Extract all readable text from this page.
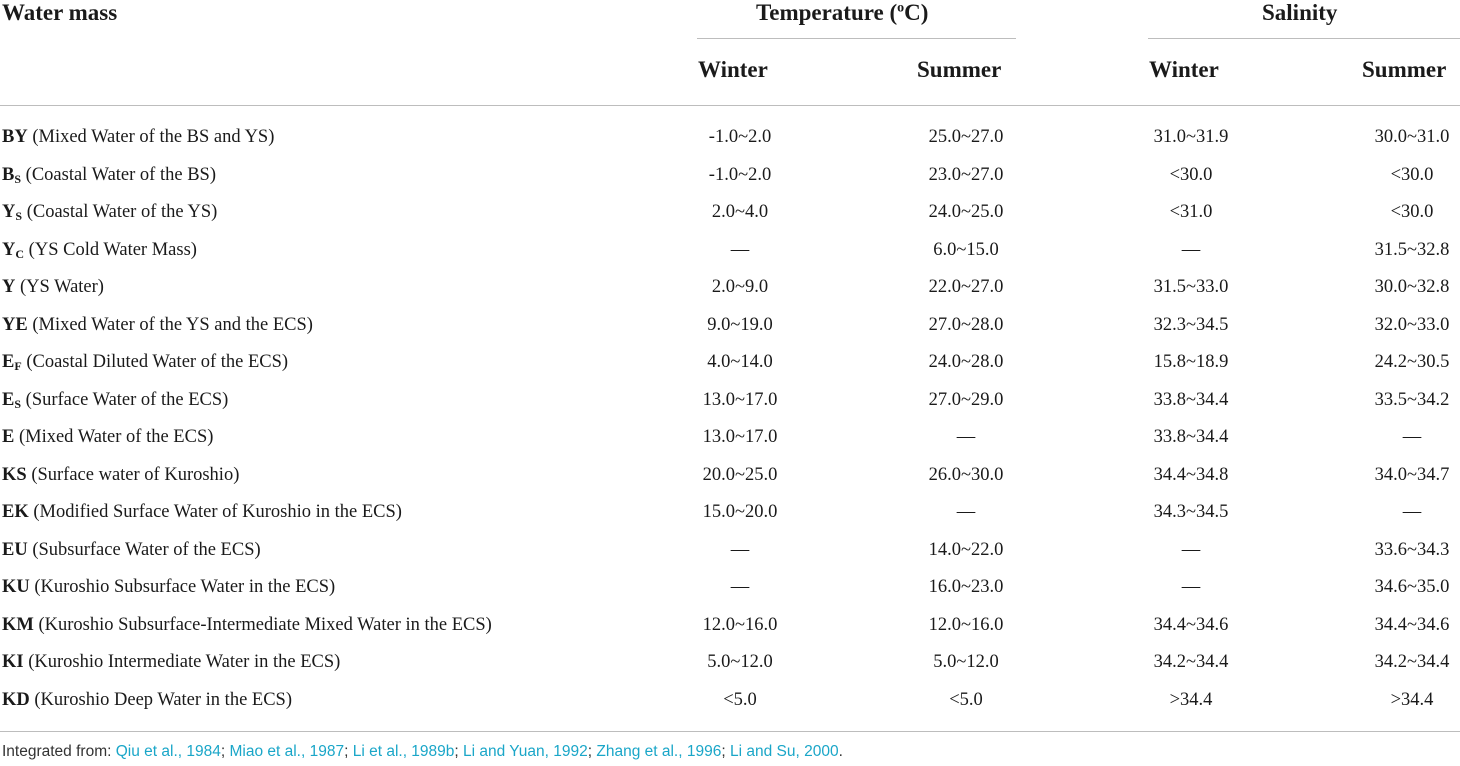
Water mass	Temperature ($^o$C)	Salinity
Winter	Summer	Winter	Summer
BY (Mixed Water of the BS and YS)	-1.0~2.0	25.0~27.0	31.0~31.9	30.0~31.0
$B_S$ (Coastal Water of the BS)	-1.0~2.0	23.0~27.0	<30.0	<30.0
$Y_S$ (Coastal Water of the YS)	2.0~4.0	24.0~25.0	<31.0	<30.0
$Y_C$ (YS Cold Water Mass)	—	6.0~15.0	—	31.5~32.8
Y (YS Water)	2.0~9.0	22.0~27.0	31.5~33.0	30.0~32.8
YE (Mixed Water of the YS and the ECS)	9.0~19.0	27.0~28.0	32.3~34.5	32.0~33.0
$E_F$ (Coastal Diluted Water of the ECS)	4.0~14.0	24.0~28.0	15.8~18.9	24.2~30.5
$E_S$ (Surface Water of the ECS)	13.0~17.0	27.0~29.0	33.8~34.4	33.5~34.2
E (Mixed Water of the ECS)	13.0~17.0	—	33.8~34.4	—
KS (Surface water of Kuroshio)	20.0~25.0	26.0~30.0	34.4~34.8	34.0~34.7
EK (Modified Surface Water of Kuroshio in the ECS)	15.0~20.0	—	34.3~34.5	—
EU (Subsurface Water of the ECS)	—	14.0~22.0	—	33.6~34.3
KU (Kuroshio Subsurface Water in the ECS)	—	16.0~23.0	—	34.6~35.0
KM (Kuroshio Subsurface-Intermediate Mixed Water in the ECS)	12.0~16.0	12.0~16.0	34.4~34.6	34.4~34.6
KI (Kuroshio Intermediate Water in the ECS)	5.0~12.0	5.0~12.0	34.2~34.4	34.2~34.4
KD (Kuroshio Deep Water in the ECS)	<5.0	<5.0	>34.4	>34.4
Integrated from: Qiu et al., 1984; Miao et al., 1987; Li et al., 1989b; Li and Yuan, 1992; Zhang et al., 1996; Li and Su, 2000.
